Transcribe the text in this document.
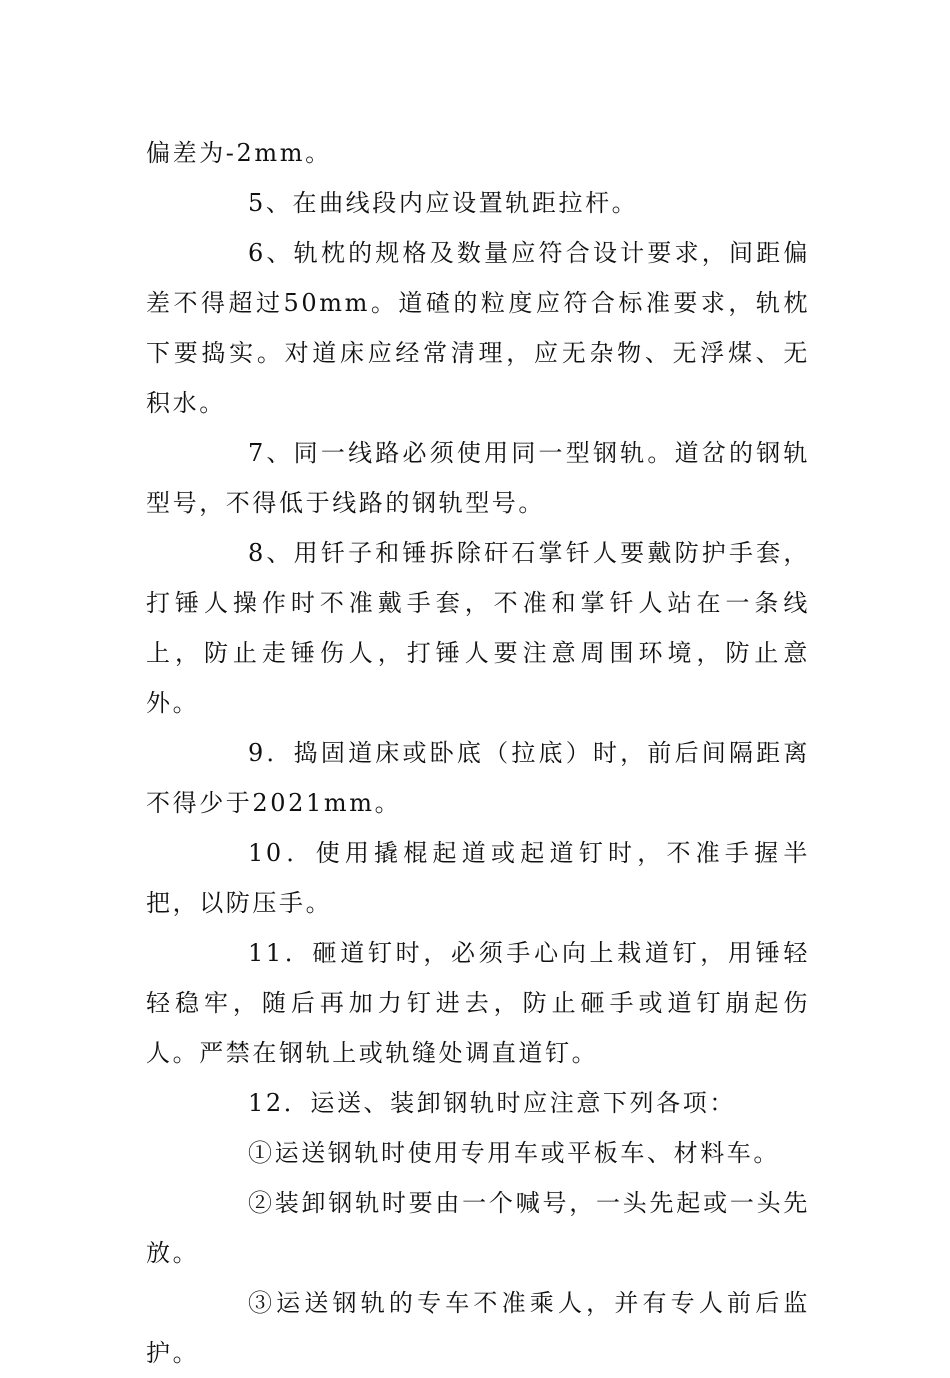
偏差为-2mm。

5、在曲线段内应设置轨距拉杆。

6、轨枕的规格及数量应符合设计要求，间距偏差不得超过50mm。道碴的粒度应符合标准要求，轨枕下要捣实。对道床应经常清理，应无杂物、无浮煤、无积水。

7、同一线路必须使用同一型钢轨。道岔的钢轨型号，不得低于线路的钢轨型号。

8、用钎子和锤拆除矸石掌钎人要戴防护手套，打锤人操作时不准戴手套，不准和掌钎人站在一条线上，防止走锤伤人，打锤人要注意周围环境，防止意外。

9．捣固道床或卧底（拉底）时，前后间隔距离不得少于2021mm。

10．使用撬棍起道或起道钉时，不准手握半把，以防压手。

11．砸道钉时，必须手心向上栽道钉，用锤轻轻稳牢，随后再加力钉进去，防止砸手或道钉崩起伤人。严禁在钢轨上或轨缝处调直道钉。

12．运送、装卸钢轨时应注意下列各项：

①运送钢轨时使用专用车或平板车、材料车。

②装卸钢轨时要由一个喊号，一头先起或一头先放。

③运送钢轨的专车不准乘人，并有专人前后监护。
